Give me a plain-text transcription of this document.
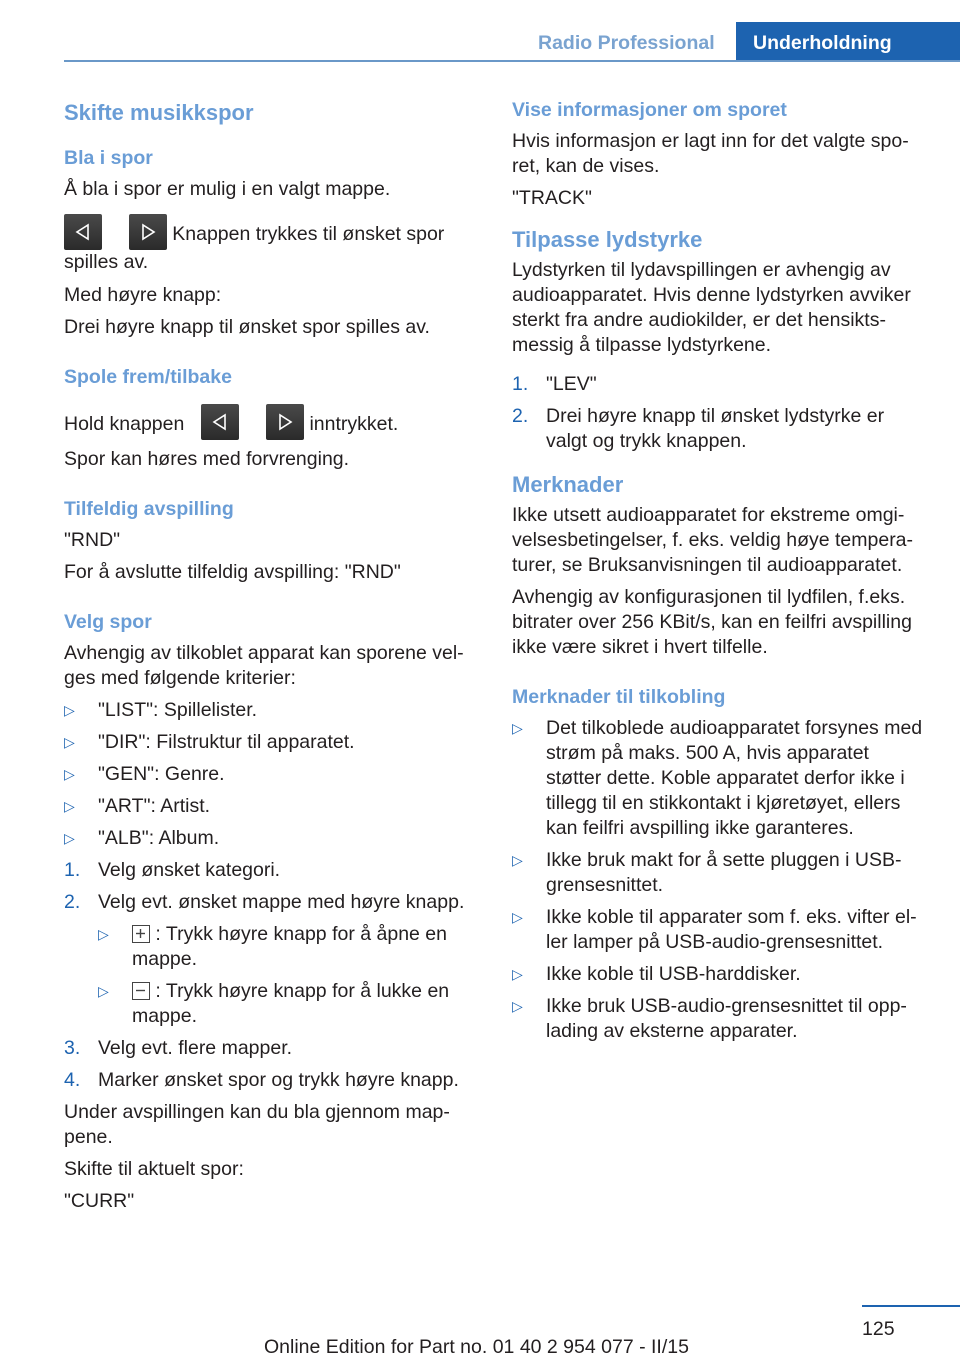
Radio Professional	Underholdning
Skifte musikkspor
Bla i spor

Å bla i spor er mulig i en valgt mappe.

Knappen trykkes til ønsket spor spilles av.

Med høyre knapp:

Drei høyre knapp til ønsket spor spilles av.

Spole frem/tilbake

Hold knappen
	inntrykket.

Spor kan høres med forvrenging.

Tilfeldig avspilling

"RND"

For å avslutte tilfeldig avspilling: "RND"

Velg spor

Avhengig av tilkoblet apparat kan sporene vel-ges med følgende kriterier:

▷ "LIST": Spillelister.
▷ "DIR": Filstruktur til apparatet.
▷ "GEN": Genre.
▷ "ART": Artist.
▷ "ALB": Album.
1. Velg ønsket kategori.
2. Velg evt. ønsket mappe med høyre knapp.
▷ : Trykk høyre knapp for å åpne en mappe.
▷ : Trykk høyre knapp for å lukke en mappe.
3. Velg evt. flere mapper.
4. Marker ønsket spor og trykk høyre knapp.

Under avspillingen kan du bla gjennom map-pene.

Skifte til aktuelt spor:

"CURR"

Vise informasjoner om sporet

Hvis informasjon er lagt inn for det valgte spo-ret, kan de vises.

"TRACK"

Tilpasse lydstyrke

Lydstyrken til lydavspillingen er avhengig av audioapparatet. Hvis denne lydstyrken avviker sterkt fra andre audiokilder, er det hensikts-messig å tilpasse lydstyrkene.

1. "LEV"
2. Drei høyre knapp til ønsket lydstyrke er valgt og trykk knappen.
Merknader

Ikke utsett audioapparatet for ekstreme omgi-velsesbetingelser, f. eks. veldig høye tempera-turer, se Bruksanvisningen til audioapparatet.

Avhengig av konfigurasjonen til lydfilen, f.eks. bitrater over 256 KBit/s, kan en feilfri avspilling ikke være sikret i hvert tilfelle.

Merknader til tilkobling
▷ Det tilkoblede audioapparatet forsynes med strøm på maks. 500 A, hvis apparatet støtter dette. Koble apparatet derfor ikke i tillegg til en stikkontakt i kjøretøyet, ellers kan feilfri avspilling ikke garanteres.
▷ Ikke bruk makt for å sette pluggen i USB-grensesnittet.
▷ Ikke koble til apparater som f. eks. vifter el-ler lamper på USB-audio-grensesnittet.
▷ Ikke koble til USB-harddisker.
▷ Ikke bruk USB-audio-grensesnittet til opp-lading av eksterne apparater.
125
Online Edition for Part no. 01 40 2 954 077 - II/15
